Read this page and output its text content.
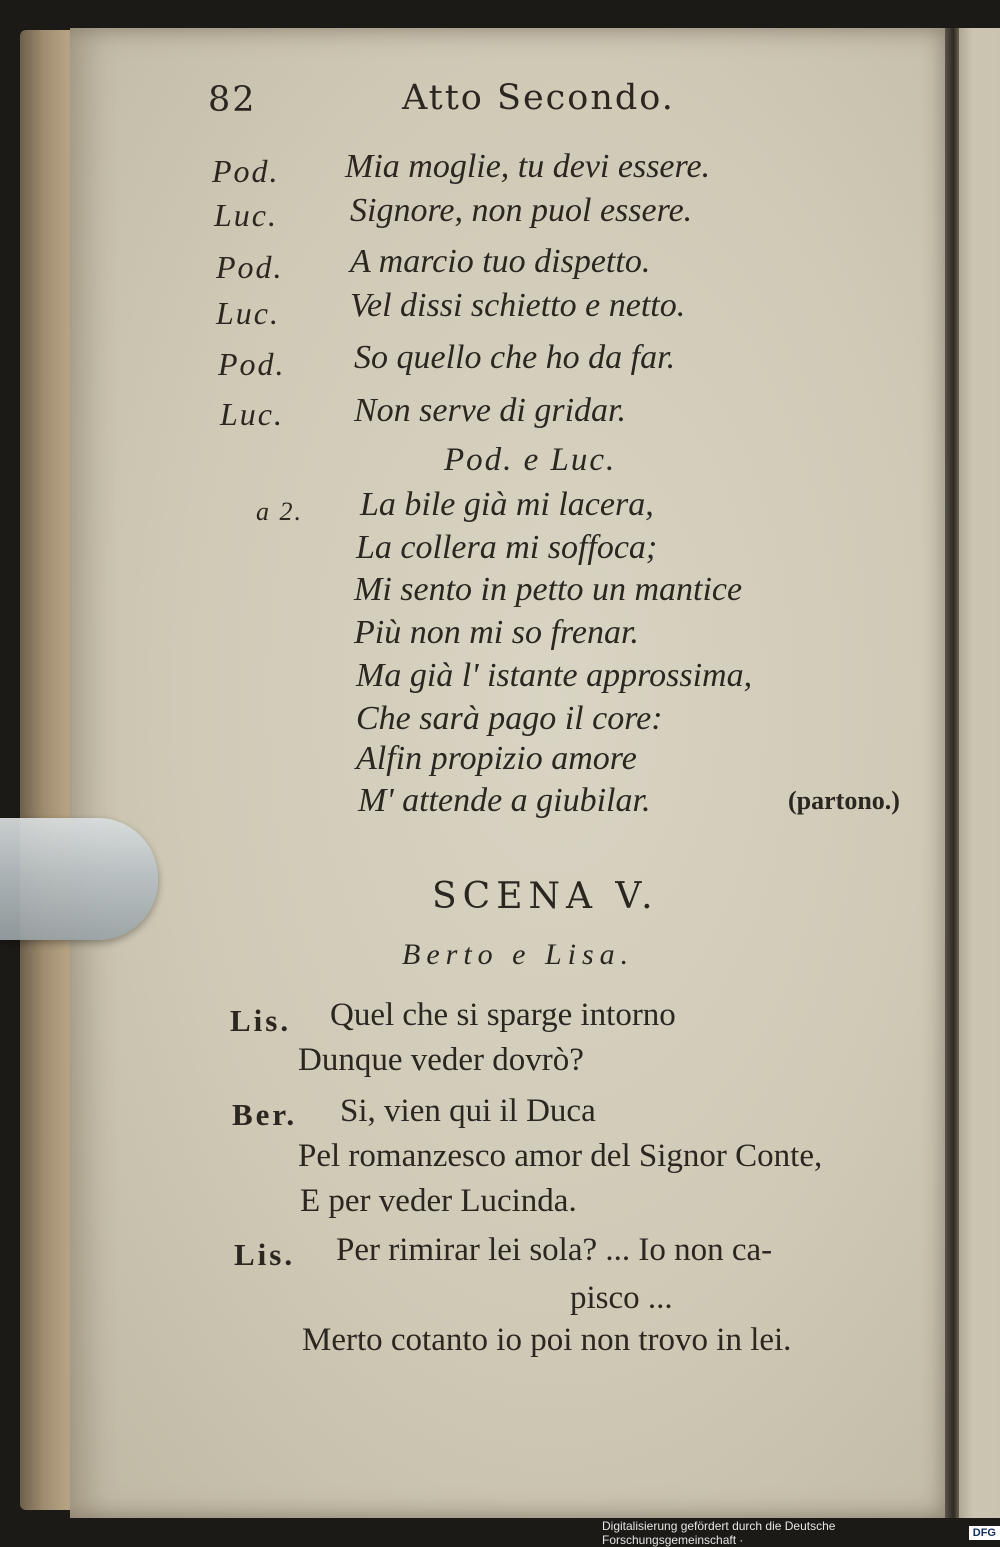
82	Atto Secondo.
Pod. Mia moglie, tu devi essere.
Luc. Signore, non puol essere.
Pod. A marcio tuo dispetto.
Luc. Vel dissi schietto e netto.
Pod. So quello che ho da far.
Luc. Non serve di gridar.
Pod. e Luc.
a 2. La bile già mi lacera,
La collera mi soffoca;
Mi sento in petto un mantice
Più non mi so frenar.
Ma già l' istante approssima,
Che sarà pago il core:
Alfin propizio amore
M' attende a giubilar.	(partono.)
SCENA V.
Berto e Lisa.
Lis. Quel che si sparge intorno
Dunque veder dovrò?
Ber. Si, vien qui il Duca
Pel romanzesco amor del Signor Conte,
E per veder Lucinda.
Lis. Per rimirar lei sola? ... Io non ca-
pisco ...
Merto cotanto io poi non trovo in lei.
Digitalisierung gefördert durch die Deutsche Forschungsgemeinschaft ·	DFG
